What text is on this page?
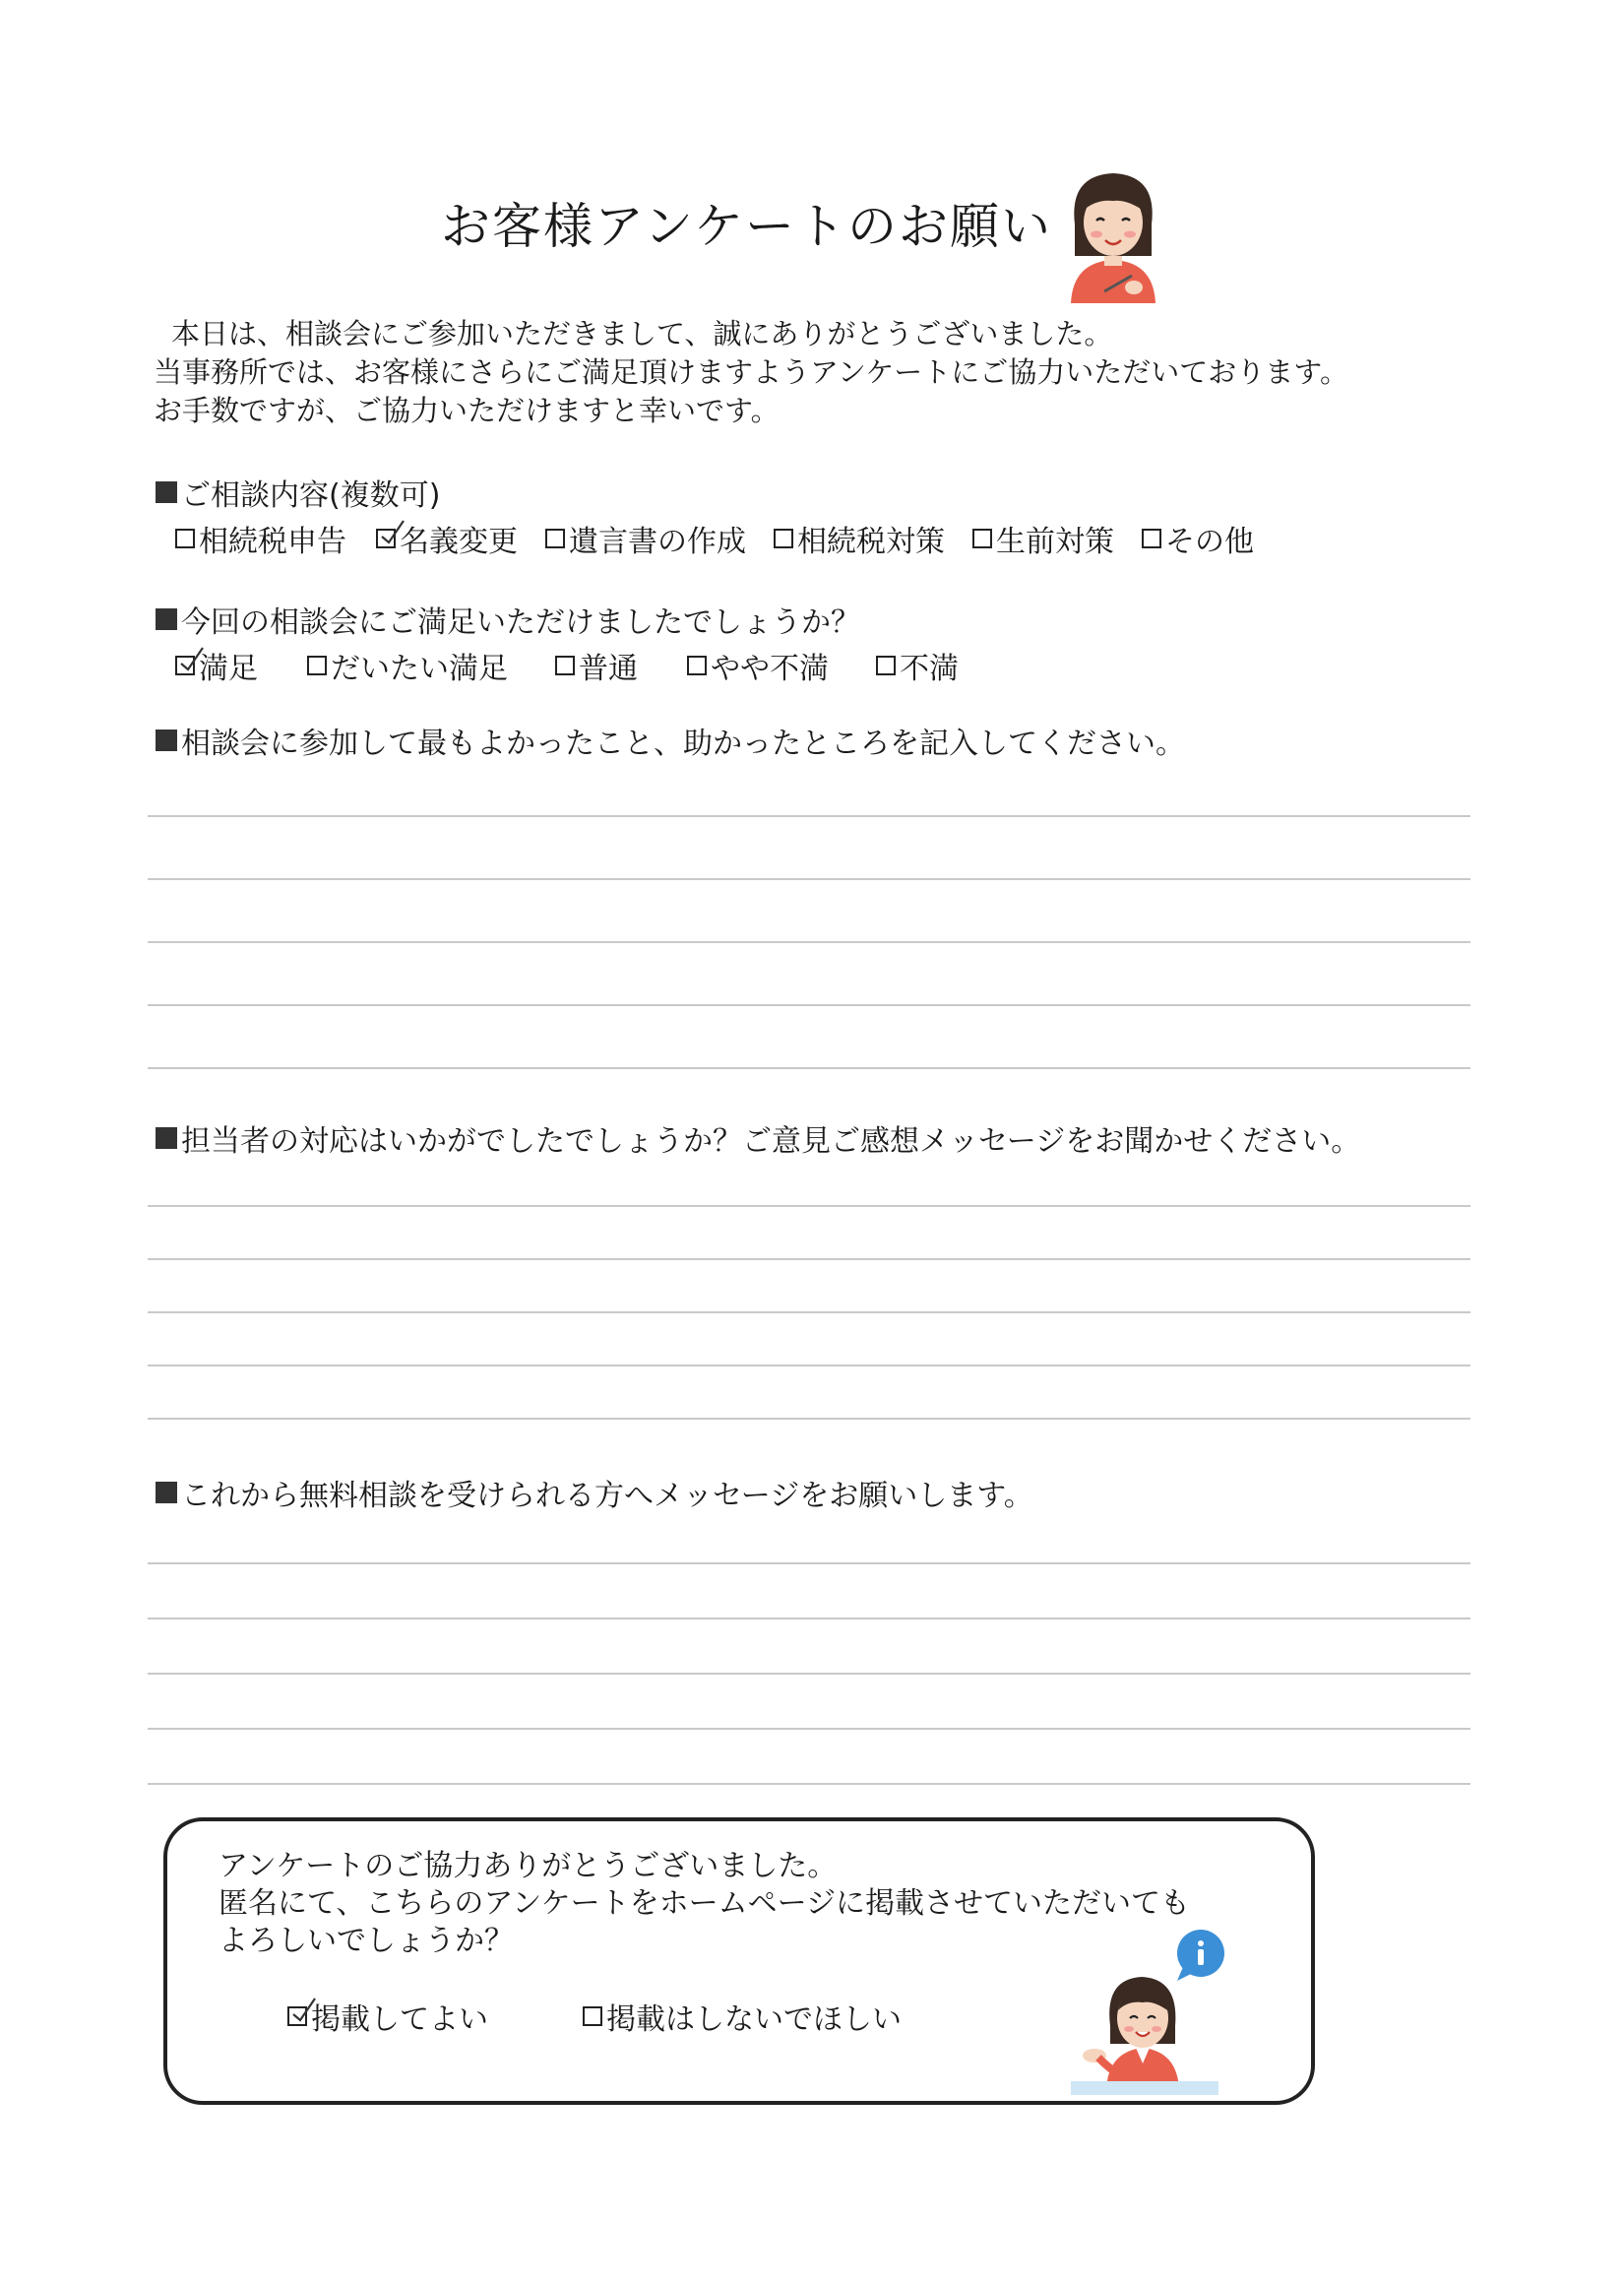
お客様アンケートのお願い
本日は、相談会にご参加いただきまして、誠にありがとうございました。
当事務所では、お客様にさらにご満足頂けますようアンケートにご協力いただいております。
お手数ですが、ご協力いただけますと幸いです。
ご相談内容(複数可)
相続税申告 名義変更 遺言書の作成 相続税対策 生前対策 その他
今回の相談会にご満足いただけましたでしょうか？
満足 だいたい満足 普通 やや不満 不満
相談会に参加して最もよかったこと、助かったところを記入してください。
担当者の対応はいかがでしたでしょうか？ご意見ご感想メッセージをお聞かせください。
これから無料相談を受けられる方へメッセージをお願いします。
アンケートのご協力ありがとうございました。
匿名にて、こちらのアンケートをホームページに掲載させていただいても
よろしいでしょうか？
掲載してよい	掲載はしないでほしい
